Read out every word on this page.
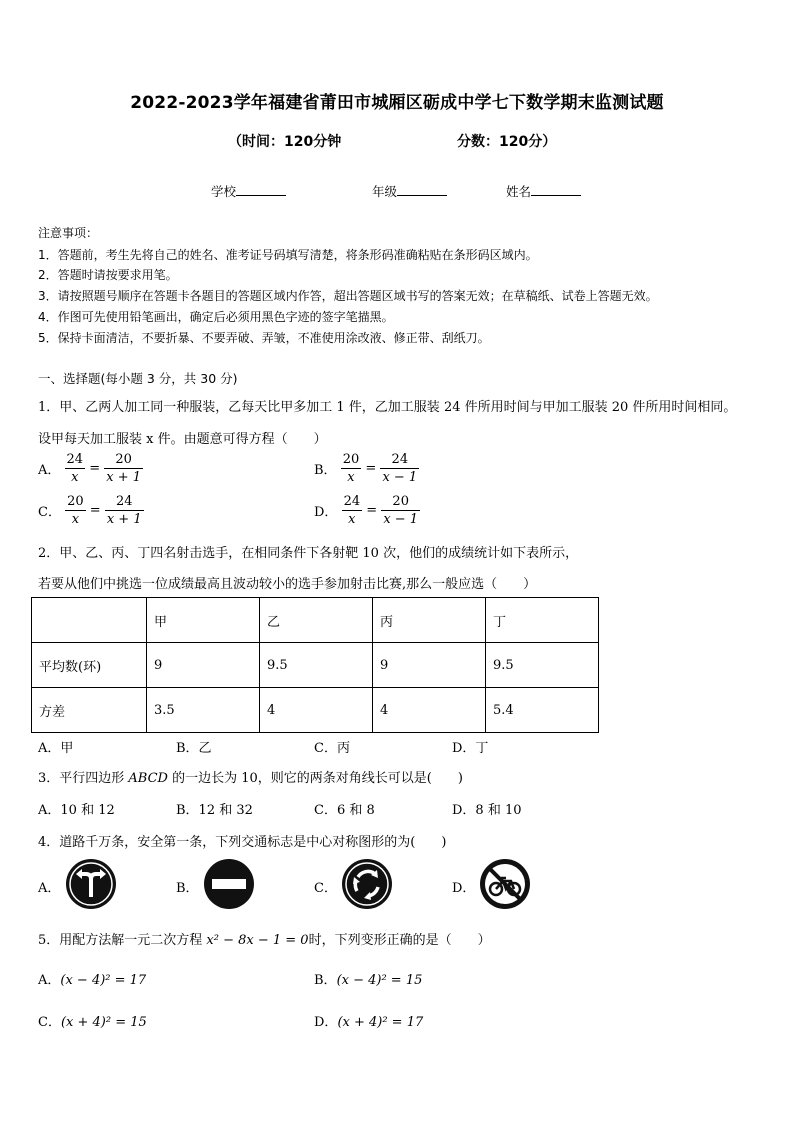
2022-2023学年福建省莆田市城厢区砺成中学七下数学期末监测试题
（时间：120分钟	分数：120分）
学校	年级	姓名
注意事项：
1．答题前，考生先将自己的姓名、准考证号码填写清楚，将条形码准确粘贴在条形码区域内。
2．答题时请按要求用笔。
3．请按照题号顺序在答题卡各题目的答题区域内作答，超出答题区域书写的答案无效；在草稿纸、试卷上答题无效。
4．作图可先使用铅笔画出，确定后必须用黑色字迹的签字笔描黑。
5．保持卡面清洁，不要折暴、不要弄破、弄皱，不准使用涂改液、修正带、刮纸刀。
一、选择题(每小题 3 分，共 30 分)
1．甲、乙两人加工同一种服装，乙每天比甲多加工 1 件，乙加工服装 24 件所用时间与甲加工服装 20 件所用时间相同。
设甲每天加工服装 x 件。由题意可得方程（　　）
A． $\frac{24}{x} = \frac{20}{x + 1}$	B． $\frac{20}{x} = \frac{24}{x - 1}$
C． $\frac{20}{x} = \frac{24}{x + 1}$	D． $\frac{24}{x} = \frac{20}{x - 1}$
2．甲、乙、丙、丁四名射击选手，在相同条件下各射靶 10 次，他们的成绩统计如下表所示，
若要从他们中挑选一位成绩最高且波动较小的选手参加射击比赛,那么一般应选（　　）
	甲	乙	丙	丁
平均数(环)	9	9.5	9	9.5
方差	3.5	4	4	5.4
A．甲	B．乙	C．丙	D．丁
3．平行四边形 ABCD 的一边长为 10，则它的两条对角线长可以是(　　)
A．10 和 12	B．12 和 32	C．6 和 8	D．8 和 10
4．道路千万条，安全第一条，下列交通标志是中心对称图形的为(　　)
A．	B．	C．	D．
5．用配方法解一元二次方程 x² − 8x − 1 = 0时，下列变形正确的是（　　）
A．(x − 4)² = 17	B．(x − 4)² = 15
C．(x + 4)² = 15	D．(x + 4)² = 17
